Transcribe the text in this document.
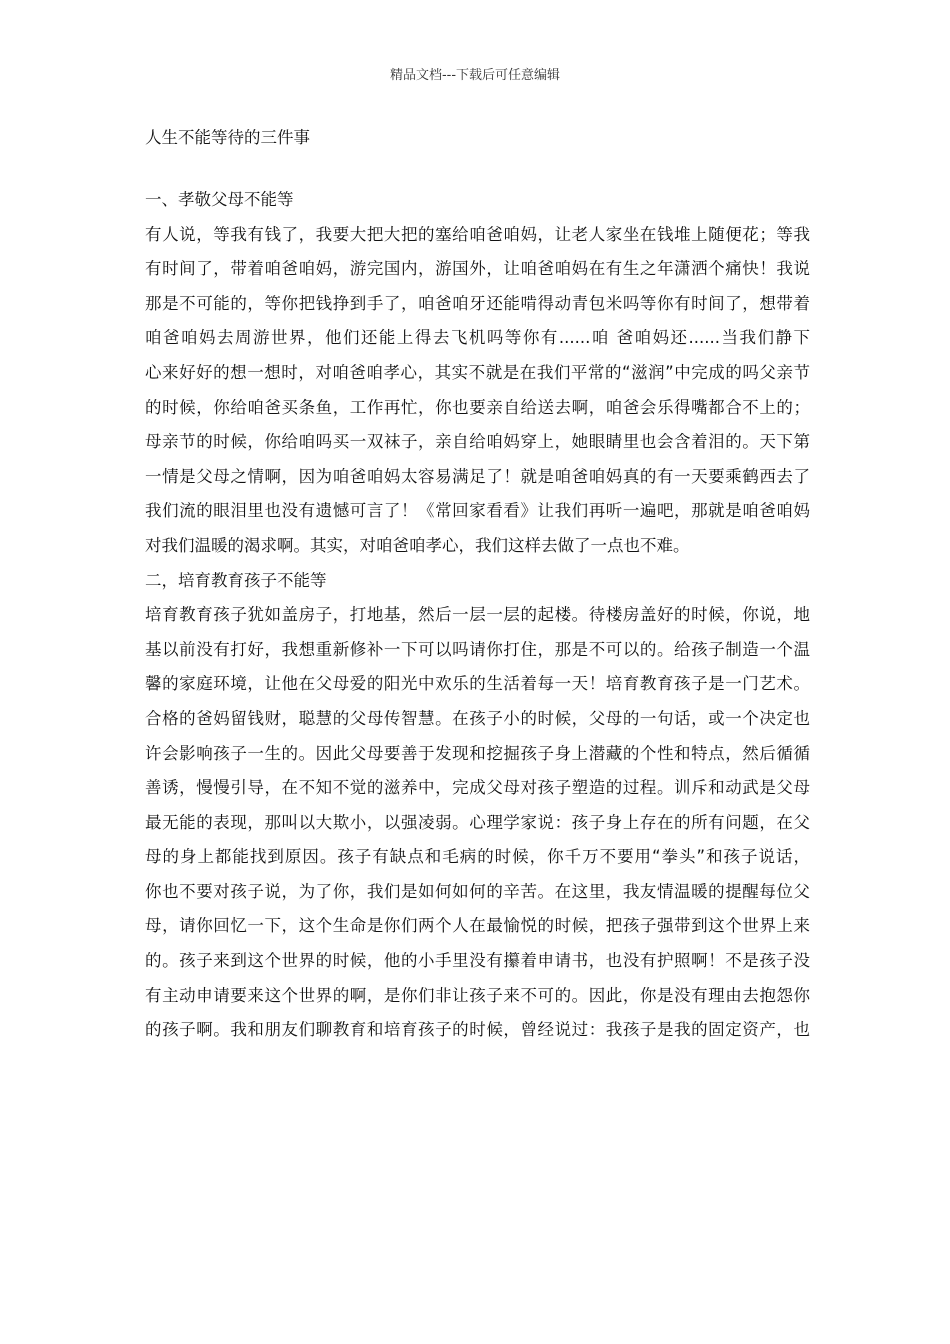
精品文档---下载后可任意编辑
人生不能等待的三件事
一、孝敬父母不能等
有人说，等我有钱了，我要大把大把的塞给咱爸咱妈，让老人家坐在钱堆上随便花；等我
有时间了，带着咱爸咱妈，游完国内，游国外，让咱爸咱妈在有生之年潇洒个痛快！我说
那是不可能的，等你把钱挣到手了，咱爸咱牙还能啃得动青包米吗等你有时间了，想带着
咱爸咱妈去周游世界，他们还能上得去飞机吗等你有......咱 爸咱妈还......当我们静下
心来好好的想一想时，对咱爸咱孝心，其实不就是在我们平常的“滋润”中完成的吗父亲节
的时候，你给咱爸买条鱼，工作再忙，你也要亲自给送去啊，咱爸会乐得嘴都合不上的；
母亲节的时候，你给咱吗买一双袜子，亲自给咱妈穿上，她眼睛里也会含着泪的。天下第
一情是父母之情啊，因为咱爸咱妈太容易满足了！就是咱爸咱妈真的有一天要乘鹤西去了
我们流的眼泪里也没有遗憾可言了！《常回家看看》让我们再听一遍吧，那就是咱爸咱妈
对我们温暖的渴求啊。其实，对咱爸咱孝心，我们这样去做了一点也不难。
二，培育教育孩子不能等
培育教育孩子犹如盖房子，打地基，然后一层一层的起楼。待楼房盖好的时候，你说，地
基以前没有打好，我想重新修补一下可以吗请你打住，那是不可以的。给孩子制造一个温
馨的家庭环境，让他在父母爱的阳光中欢乐的生活着每一天！培育教育孩子是一门艺术。
合格的爸妈留钱财，聪慧的父母传智慧。在孩子小的时候，父母的一句话，或一个决定也
许会影响孩子一生的。因此父母要善于发现和挖掘孩子身上潜藏的个性和特点，然后循循
善诱，慢慢引导，在不知不觉的滋养中，完成父母对孩子塑造的过程。训斥和动武是父母
最无能的表现，那叫以大欺小，以强凌弱。心理学家说：孩子身上存在的所有问题，在父
母的身上都能找到原因。孩子有缺点和毛病的时候，你千万不要用“拳头”和孩子说话，
你也不要对孩子说，为了你，我们是如何如何的辛苦。在这里，我友情温暖的提醒每位父
母，请你回忆一下，这个生命是你们两个人在最愉悦的时候，把孩子强带到这个世界上来
的。孩子来到这个世界的时候，他的小手里没有攥着申请书，也没有护照啊！不是孩子没
有主动申请要来这个世界的啊，是你们非让孩子来不可的。因此，你是没有理由去抱怨你
的孩子啊。我和朋友们聊教育和培育孩子的时候，曾经说过：我孩子是我的固定资产，也
